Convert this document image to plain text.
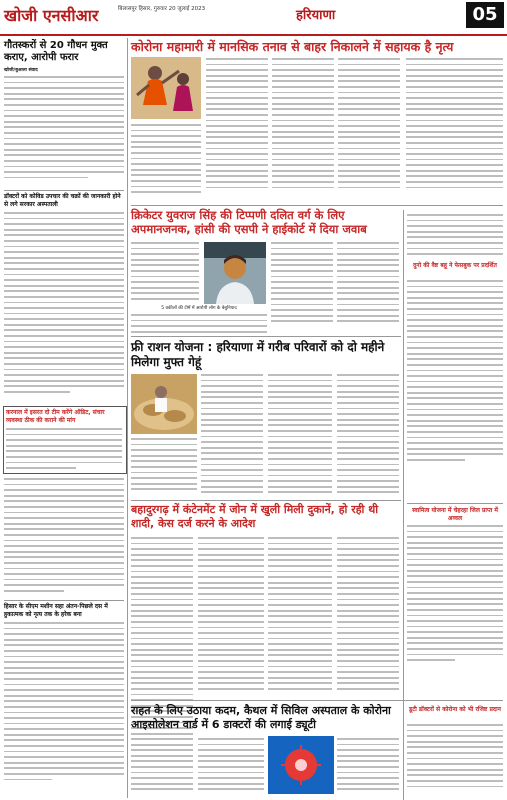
खोजी एनसीआर	बिलासपुर हिसार, गुरुवार 20 जुलाई 2023	हरियाणा	05
गौतस्करों से 20 गौधन मुक्त कराए, आरोपी फरार
खोजी/बुआला संवाद
डॉक्टरों को कोविड उपचार की चक्रों की जानकारी होने से लगे सरकार अस्पताली
करनाल में इसरत दो टीम करेंगे ऑडिट, संचार व्यवस्था ठीक की कराने की मांग
हिसार के सीएम मशीन सहा अंतन-पिछले दस में हुकात्मक को नृत्य तक के हरेक बना
कोरोना महामारी में मानसिक तनाव से बाहर निकालने में सहायक है नृत्य
क्रिकेटर युवराज सिंह की टिप्पणी दलित वर्ग के लिए अपमानजनक, हांसी की एसपी ने हाईकोर्ट में दिया जवाब
5 वकीलों की टीमें में आरोपी लोग के बेबुनियाद
दुनो की वैष्ट बहू ने फेसबुक पर प्रदर्शित
फ्री राशन योजना : हरियाणा में गरीब परिवारों को दो महीने मिलेगा मुफ्त गेहूं
बहादुरगढ़ में कंटेनमेंट में जोन में खुली मिली दुकानें, हो रही थी शादी, केस दर्ज करने के आदेश
स्वामित्व योजना में चेहरहा जिल प्राप्त में अव्वल
राहत के लिए उठाया कदम, कैथल में सिविल अस्पताल के कोरोना आइसोलेशन वार्ड में 6 डाक्टरों की लगाई ड्यूटी
डूटी डॉक्टरों से कोरोना को भी रजिष्ट प्रदान
